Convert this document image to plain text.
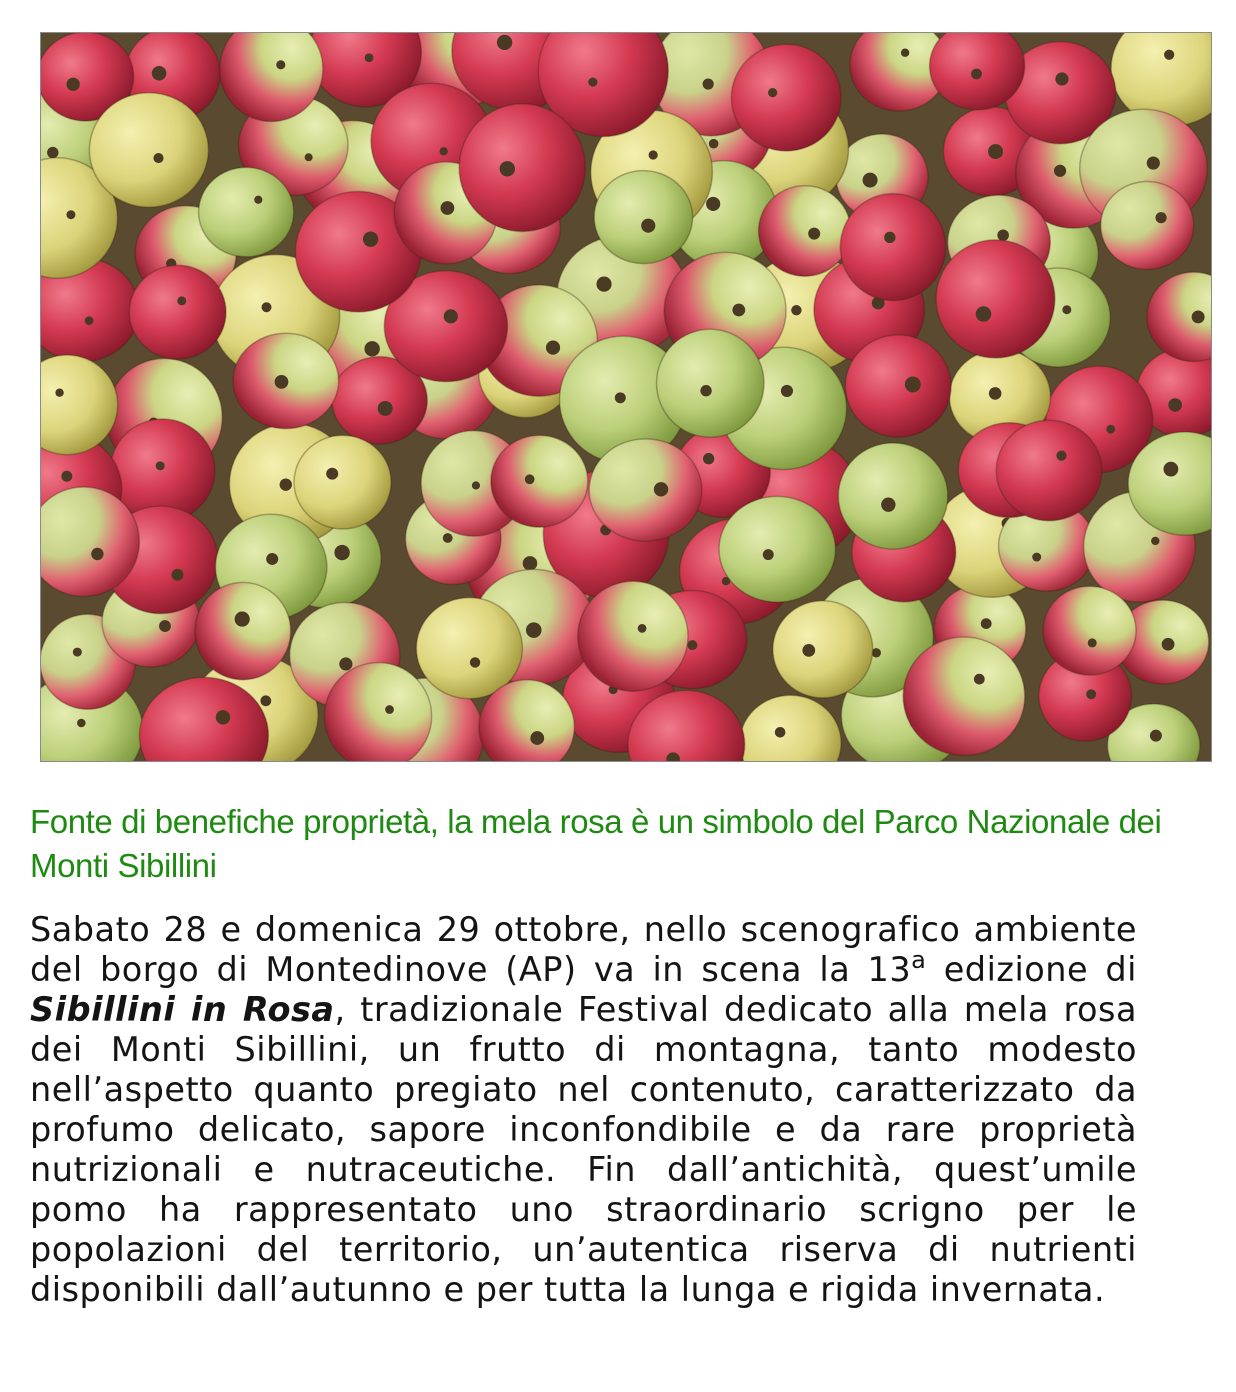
Fonte di benefiche proprietà, la mela rosa è un simbolo del Parco Nazionale dei Monti Sibillini

Sabato 28 e domenica 29 ottobre, nello scenografico ambiente del borgo di Montedinove (AP) va in scena la 13$^a$ edizione di Sibillini in Rosa, tradizionale Festival dedicato alla mela rosa dei Monti Sibillini, un frutto di montagna, tanto modesto nell’aspetto quanto pregiato nel contenuto, caratterizzato da profumo delicato, sapore inconfondibile e da rare proprietà nutrizionali e nutraceutiche. Fin dall’antichità, quest’umile pomo ha rappresentato uno straordinario scrigno per le popolazioni del territorio, un’autentica riserva di nutrienti disponibili dall’autunno e per tutta la lunga e rigida invernata.
